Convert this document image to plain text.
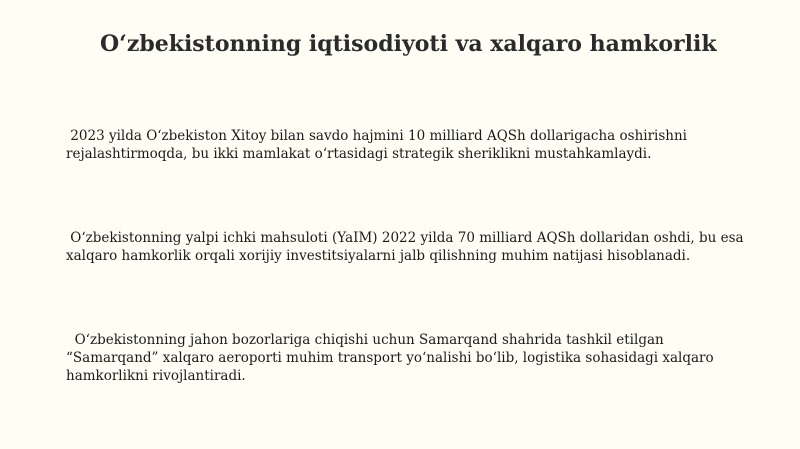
O‘zbekistonning iqtisodiyoti va xalqaro hamkorlik

2023 yilda O‘zbekiston Xitoy bilan savdo hajmini 10 milliard AQSh dollarigacha oshirishni rejalashtirmoqda, bu ikki mamlakat o‘rtasidagi strategik sheriklikni mustahkamlaydi.

O‘zbekistonning yalpi ichki mahsuloti (YaIM) 2022 yilda 70 milliard AQSh dollaridan oshdi, bu esa xalqaro hamkorlik orqali xorijiy investitsiyalarni jalb qilishning muhim natijasi hisoblanadi.

O‘zbekistonning jahon bozorlariga chiqishi uchun Samarqand shahrida tashkil etilgan “Samarqand” xalqaro aeroporti muhim transport yo‘nalishi bo‘lib, logistika sohasidagi xalqaro hamkorlikni rivojlantiradi.
